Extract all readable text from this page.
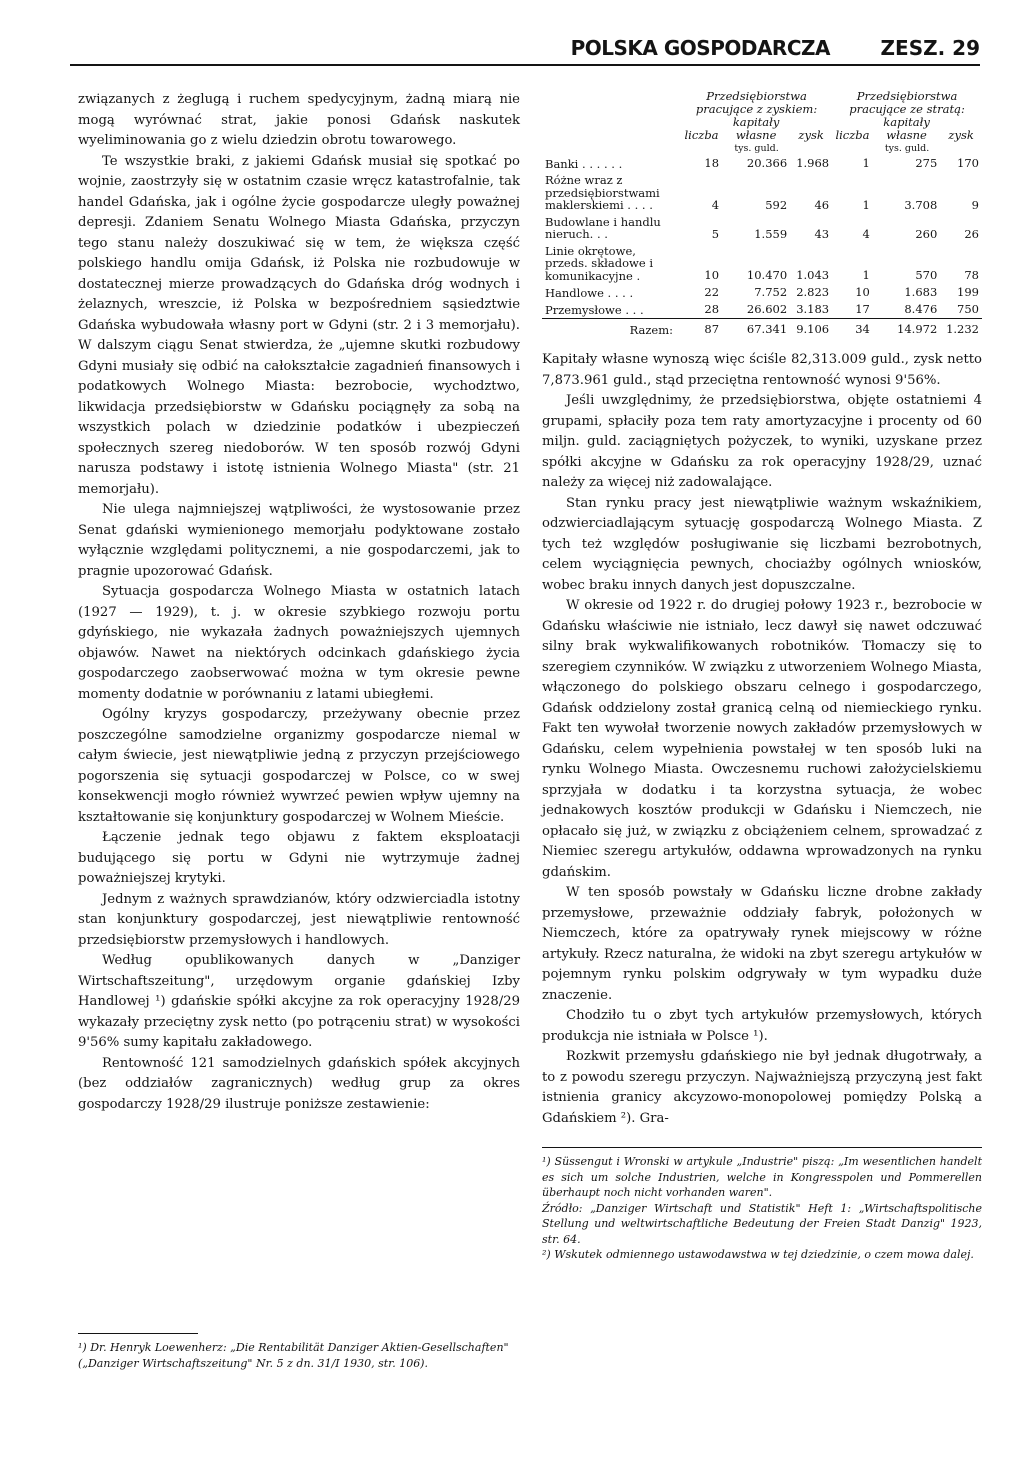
POLSKA GOSPODARCZA	ZESZ. 29

związanych z żeglugą i ruchem spedycyjnym, żadną miarą nie mogą wyrównać strat, jakie ponosi Gdańsk naskutek wyeliminowania go z wielu dziedzin obrotu towarowego.

Te wszystkie braki, z jakiemi Gdańsk musiał się spotkać po wojnie, zaostrzyły się w ostatnim czasie wręcz katastrofalnie, tak handel Gdańska, jak i ogólne życie gospodarcze uległy poważnej depresji. Zdaniem Senatu Wolnego Miasta Gdańska, przyczyn tego stanu należy doszukiwać się w tem, że większa część polskiego handlu omija Gdańsk, iż Polska nie rozbudowuje w dostatecznej mierze prowadzących do Gdańska dróg wodnych i żelaznych, wreszcie, iż Polska w bezpośredniem sąsiedztwie Gdańska wybudowała własny port w Gdyni (str. 2 i 3 memorjału). W dalszym ciągu Senat stwierdza, że „ujemne skutki rozbudowy Gdyni musiały się odbić na całokształcie zagadnień finansowych i podatkowych Wolnego Miasta: bezrobocie, wychodztwo, likwidacja przedsiębiorstw w Gdańsku pociągnęły za sobą na wszystkich polach w dziedzinie podatków i ubezpieczeń społecznych szereg niedoborów. W ten sposób rozwój Gdyni narusza podstawy i istotę istnienia Wolnego Miasta" (str. 21 memorjału).

Nie ulega najmniejszej wątpliwości, że wystosowanie przez Senat gdański wymienionego memorjału podyktowane zostało wyłącznie względami politycznemi, a nie gospodarczemi, jak to pragnie upozorować Gdańsk.

Sytuacja gospodarcza Wolnego Miasta w ostatnich latach (1927 — 1929), t. j. w okresie szybkiego rozwoju portu gdyńskiego, nie wykazała żadnych poważniejszych ujemnych objawów. Nawet na niektórych odcinkach gdańskiego życia gospodarczego zaobserwować można w tym okresie pewne momenty dodatnie w porównaniu z latami ubiegłemi.

Ogólny kryzys gospodarczy, przeżywany obecnie przez poszczególne samodzielne organizmy gospodarcze niemal w całym świecie, jest niewątpliwie jedną z przyczyn przejściowego pogorszenia się sytuacji gospodarczej w Polsce, co w swej konsekwencji mogło również wywrzeć pewien wpływ ujemny na kształtowanie się konjunktury gospodarczej w Wolnem Mieście.

Łączenie jednak tego objawu z faktem eksploatacji budującego się portu w Gdyni nie wytrzymuje żadnej poważniejszej krytyki.

Jednym z ważnych sprawdzianów, który odzwierciadla istotny stan konjunktury gospodarczej, jest niewątpliwie rentowność przedsiębiorstw przemysłowych i handlowych.

Według opublikowanych danych w „Danziger Wirtschaftszeitung", urzędowym organie gdańskiej Izby Handlowej ¹) gdańskie spółki akcyjne za rok operacyjny 1928/29 wykazały przeciętny zysk netto (po potrąceniu strat) w wysokości 9'56% sumy kapitału zakładowego.

Rentowność 121 samodzielnych gdańskich spółek akcyjnych (bez oddziałów zagranicznych) według grup za okres gospodarczy 1928/29 ilustruje poniższe zestawienie:

¹) Dr. Henryk Loewenherz: „Die Rentabilität Danziger Aktien-Gesellschaften" („Danziger Wirtschaftszeitung" Nr. 5 z dn. 31/I 1930, str. 106).
	Przedsiębiorstwa pracujące z zyskiem:			Przedsiębiorstwa pracujące ze stratą:		
	liczba	kapitały własne	zysk	liczba	kapitały własne	zysk
	tys. guld.			tys. guld.		
Banki . . . . . .	18	20.366	1.968	1	275	170
Różne wraz z przedsiębiorstwami maklerskiemi . . . .	4	592	46	1	3.708	9
Budowlane i handlu nieruch. . .	5	1.559	43	4	260	26
Linie okrętowe, przeds. składowe i komunikacyjne .	10	10.470	1.043	1	570	78
Handlowe . . . .	22	7.752	2.823	10	1.683	199
Przemysłowe . . .	28	26.602	3.183	17	8.476	750
Razem:	87	67.341	9.106	34	14.972	1.232

Kapitały własne wynoszą więc ściśle 82,313.009 guld., zysk netto 7,873.961 guld., stąd przeciętna rentowność wynosi 9'56%.

Jeśli uwzględnimy, że przedsiębiorstwa, objęte ostatniemi 4 grupami, spłaciły poza tem raty amortyzacyjne i procenty od 60 miljn. guld. zaciągniętych pożyczek, to wyniki, uzyskane przez spółki akcyjne w Gdańsku za rok operacyjny 1928/29, uznać należy za więcej niż zadowalające.

Stan rynku pracy jest niewątpliwie ważnym wskaźnikiem, odzwierciadlającym sytuację gospodarczą Wolnego Miasta. Z tych też względów posługiwanie się liczbami bezrobotnych, celem wyciągnięcia pewnych, chociażby ogólnych wniosków, wobec braku innych danych jest dopuszczalne.

W okresie od 1922 r. do drugiej połowy 1923 r., bezrobocie w Gdańsku właściwie nie istniało, lecz dawył się nawet odczuwać silny brak wykwalifikowanych robotników. Tłomaczy się to szeregiem czynników. W związku z utworzeniem Wolnego Miasta, włączonego do polskiego obszaru celnego i gospodarczego, Gdańsk oddzielony został granicą celną od niemieckiego rynku. Fakt ten wywołał tworzenie nowych zakładów przemysłowych w Gdańsku, celem wypełnienia powstałej w ten sposób luki na rynku Wolnego Miasta. Owczesnemu ruchowi założycielskiemu sprzyjała w dodatku i ta korzystna sytuacja, że wobec jednakowych kosztów produkcji w Gdańsku i Niemczech, nie opłacało się już, w związku z obciążeniem celnem, sprowadzać z Niemiec szeregu artykułów, oddawna wprowadzonych na rynku gdańskim.

W ten sposób powstały w Gdańsku liczne drobne zakłady przemysłowe, przeważnie oddziały fabryk, położonych w Niemczech, które za opatrywały rynek miejscowy w różne artykuły. Rzecz naturalna, że widoki na zbyt szeregu artykułów w pojemnym rynku polskim odgrywały w tym wypadku duże znaczenie.

Chodziło tu o zbyt tych artykułów przemysłowych, których produkcja nie istniała w Polsce ¹).

Rozkwit przemysłu gdańskiego nie był jednak długotrwały, a to z powodu szeregu przyczyn. Najważniejszą przyczyną jest fakt istnienia granicy akcyzowo-monopolowej pomiędzy Polską a Gdańskiem ²). Gra-

¹) Süssengut i Wronski w artykule „Industrie" piszą: „Im wesentlichen handelt es sich um solche Industrien, welche in Kongresspolen und Pommerellen überhaupt noch nicht vorhanden waren".

Źródło: „Danziger Wirtschaft und Statistik" Heft 1: „Wirtschaftspolitische Stellung und weltwirtschaftliche Bedeutung der Freien Stadt Danzig" 1923, str. 64.

²) Wskutek odmiennego ustawodawstwa w tej dziedzinie, o czem mowa dalej.
